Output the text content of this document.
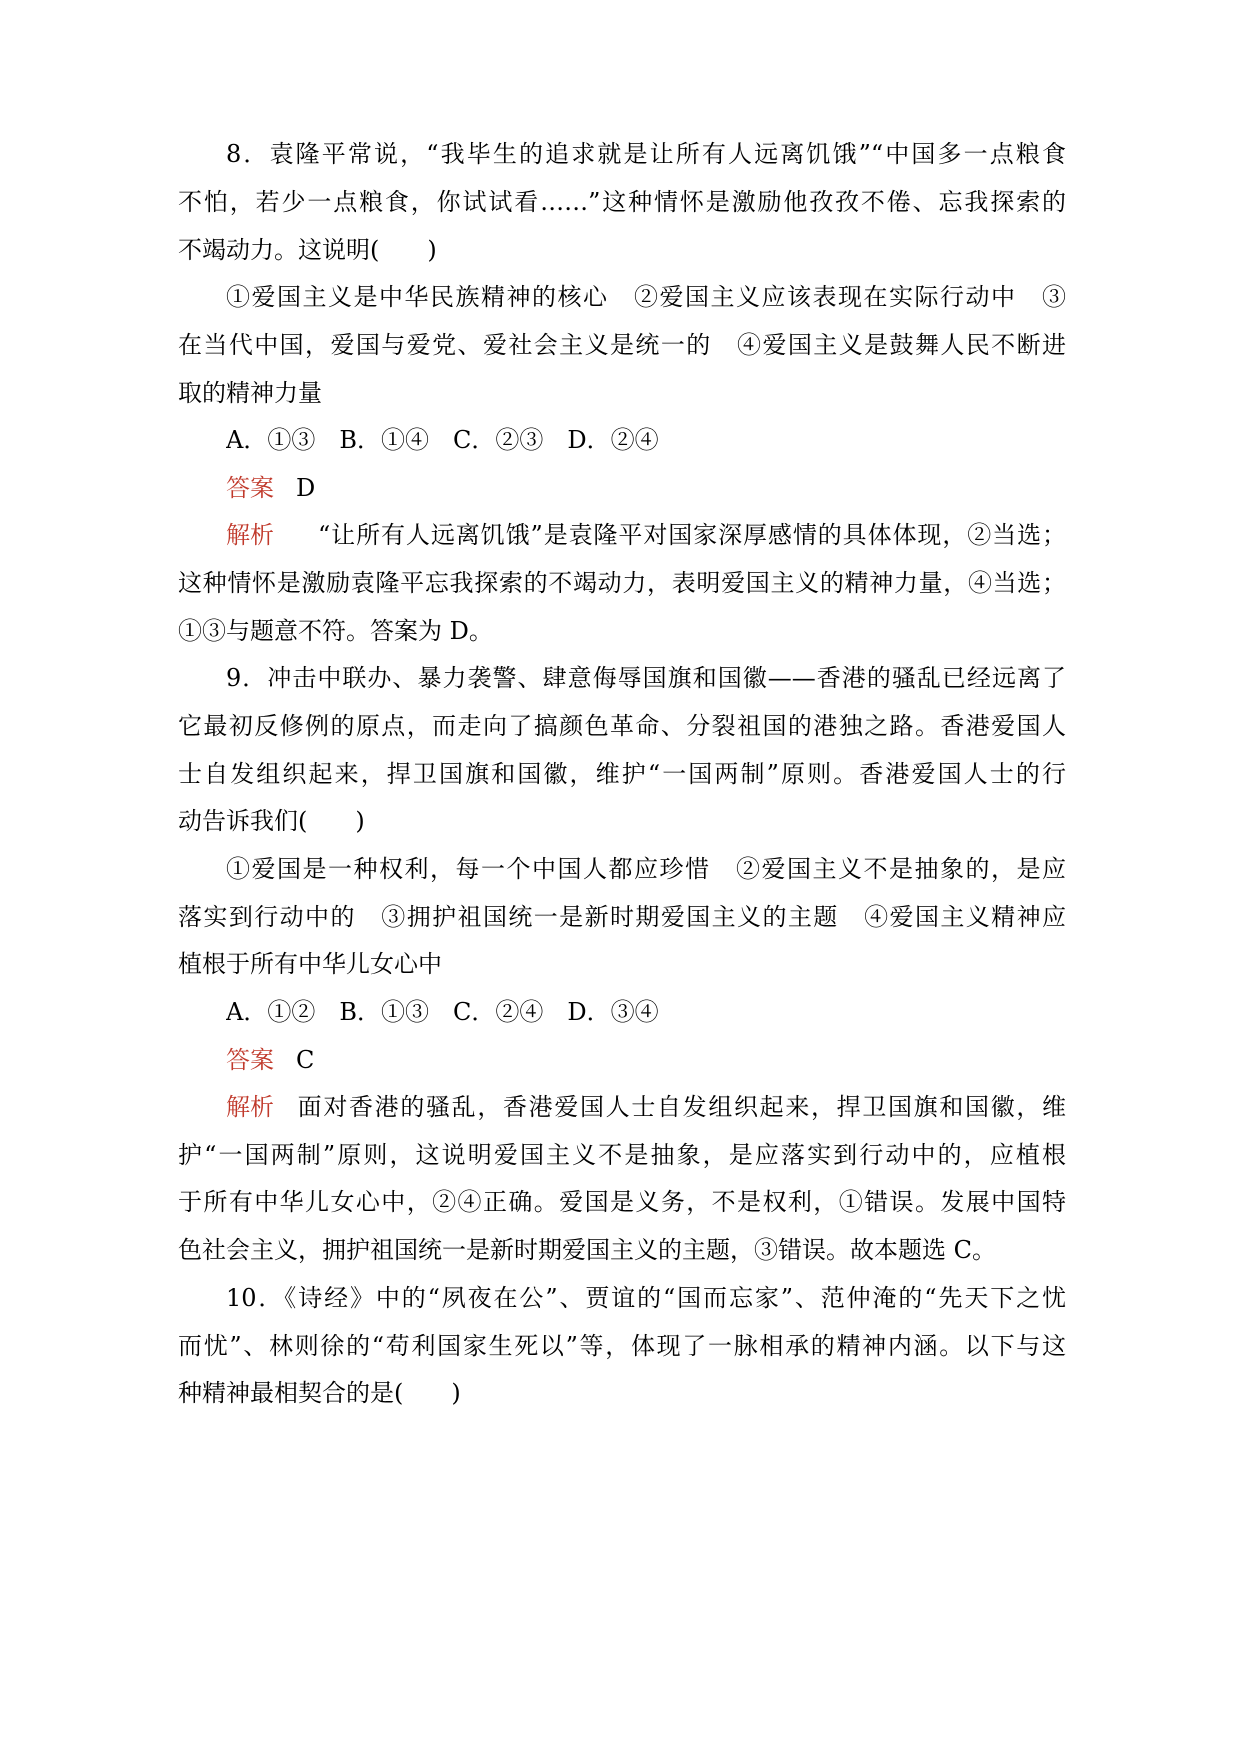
8．袁隆平常说，“我毕生的追求就是让所有人远离饥饿”“中国多一点粮食
不怕，若少一点粮食，你试试看……”这种情怀是激励他孜孜不倦、忘我探索的
不竭动力。这说明(　　)
①爱国主义是中华民族精神的核心　②爱国主义应该表现在实际行动中　③
在当代中国，爱国与爱党、爱社会主义是统一的　④爱国主义是鼓舞人民不断进
取的精神力量
A．①③　B．①④　C．②③　D．②④
答案 D
解析 “让所有人远离饥饿”是袁隆平对国家深厚感情的具体体现，②当选；
这种情怀是激励袁隆平忘我探索的不竭动力，表明爱国主义的精神力量，④当选；
①③与题意不符。答案为 D。
9．冲击中联办、暴力袭警、肆意侮辱国旗和国徽——香港的骚乱已经远离了
它最初反修例的原点，而走向了搞颜色革命、分裂祖国的港独之路。香港爱国人
士自发组织起来，捍卫国旗和国徽，维护“一国两制”原则。香港爱国人士的行
动告诉我们(　　)
①爱国是一种权利，每一个中国人都应珍惜　②爱国主义不是抽象的，是应
落实到行动中的　③拥护祖国统一是新时期爱国主义的主题　④爱国主义精神应
植根于所有中华儿女心中
A．①②　B．①③　C．②④　D．③④
答案 C
解析 面对香港的骚乱，香港爱国人士自发组织起来，捍卫国旗和国徽，维
护“一国两制”原则，这说明爱国主义不是抽象，是应落实到行动中的，应植根
于所有中华儿女心中，②④正确。爱国是义务，不是权利，①错误。发展中国特
色社会主义，拥护祖国统一是新时期爱国主义的主题，③错误。故本题选 C。
10．《诗经》中的“夙夜在公”、贾谊的“国而忘家”、范仲淹的“先天下之忧
而忧”、林则徐的“苟利国家生死以”等，体现了一脉相承的精神内涵。以下与这
种精神最相契合的是(　　)
